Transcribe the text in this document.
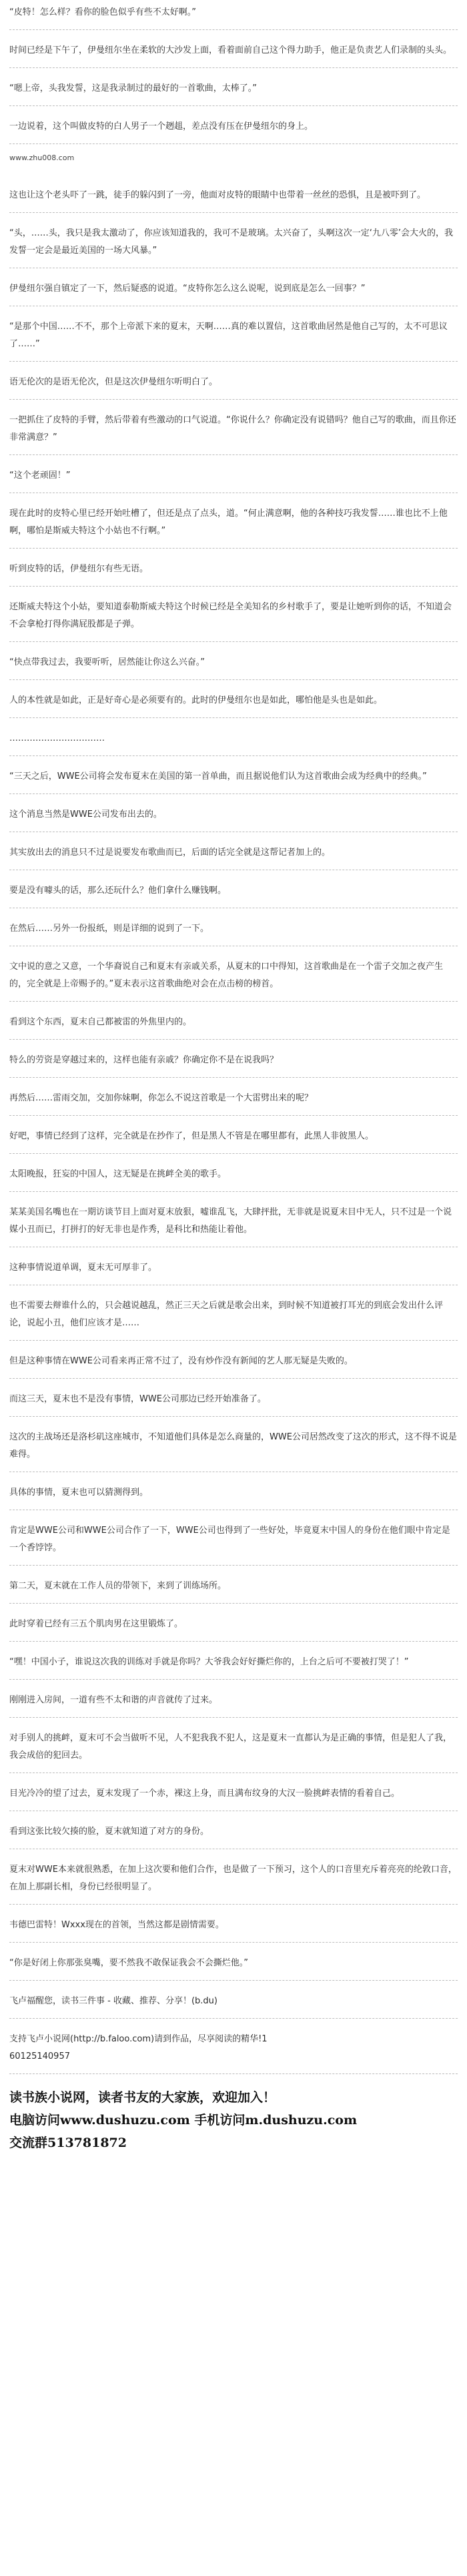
“皮特！怎么样？看你的脸色似乎有些不太好啊。”

时间已经是下午了，伊曼纽尔坐在柔软的大沙发上面，看着面前自己这个得力助手，他正是负责艺人们录制的头头。

“嗯上帝，头我发誓，这是我录制过的最好的一首歌曲，太棒了。”

一边说着，这个叫做皮特的白人男子一个趔趄，差点没有压在伊曼纽尔的身上。

www.zhu008.com

这也让这个老头吓了一跳，徒手的躲闪到了一旁，他面对皮特的眼睛中也带着一丝丝的恐惧，且是被吓到了。

“头，……头，我只是我太激动了，你应该知道我的，我可不是玻璃。太兴奋了，头啊这次一定‘九八零’会大火的，我发誓一定会是最近美国的一场大风暴。”

伊曼纽尔强自镇定了一下，然后疑惑的说道。“皮特你怎么这么说呢，说到底是怎么一回事？”

“是那个中国……不不，那个上帝派下来的夏末，天啊……真的难以置信，这首歌曲居然是他自己写的，太不可思议了……”

语无伦次的是语无伦次，但是这次伊曼纽尔听明白了。

一把抓住了皮特的手臂，然后带着有些激动的口气说道。“你说什么？你确定没有说错吗？他自己写的歌曲，而且你还非常满意？”

“这个老顽固！”

现在此时的皮特心里已经开始吐槽了，但还是点了点头，道。“何止满意啊，他的各种技巧我发誓……谁也比不上他啊，哪怕是斯威夫特这个小姑也不行啊。”

听到皮特的话，伊曼纽尔有些无语。

还斯威夫特这个小姑，要知道泰勒斯威夫特这个时候已经是全美知名的乡村歌手了，要是让她听到你的话，不知道会不会拿枪打得你满屁股都是子弹。

“快点带我过去，我要听听，居然能让你这么兴奋。”

人的本性就是如此，正是好奇心是必须要有的。此时的伊曼纽尔也是如此，哪怕他是头也是如此。

……………………………

“三天之后，WWE公司将会发布夏末在美国的第一首单曲，而且据说他们认为这首歌曲会成为经典中的经典。”

这个消息当然是WWE公司发布出去的。

其实放出去的消息只不过是说要发布歌曲而已，后面的话完全就是这帮记者加上的。

要是没有噱头的话，那么还玩什么？他们拿什么赚钱啊。

在然后……另外一份报纸，则是详细的说到了一下。

文中说的意之又意，一个华裔说自己和夏末有亲戚关系，从夏末的口中得知，这首歌曲是在一个雷子交加之夜产生的，完全就是上帝赐予的。”夏末表示这首歌曲绝对会在点击榜的榜首。

看到这个东西，夏末自己都被雷的外焦里内的。

特么的劳资是穿越过来的，这样也能有亲戚？你确定你不是在说我吗？

再然后……雷雨交加，交加你妹啊，你怎么不说这首歌是一个大雷劈出来的呢？

好吧，事情已经到了这样，完全就是在抄作了，但是黑人不管是在哪里都有，此黑人非彼黑人。

太阳晚报，狂妄的中国人，这无疑是在挑衅全美的歌手。

某某美国名嘴也在一期访谈节目上面对夏末放狠，嘘谁乱飞，大肆抨批，无非就是说夏末目中无人，只不过是一个说媒小丑而已，打拼打的好无非也是作秀，是科比和热能让着他。

这种事情说道单调，夏末无可厚非了。

也不需要去辩谁什么的，只会越说越乱，然正三天之后就是歌会出来，到时候不知道被打耳光的到底会发出什么评论，说起小丑，他们应该才是……

但是这种事情在WWE公司看来再正常不过了，没有炒作没有新闻的艺人那无疑是失败的。

而这三天，夏末也不是没有事情，WWE公司那边已经开始准备了。

这次的主战场还是洛杉矶这座城市，不知道他们具体是怎么商量的，WWE公司居然改变了这次的形式，这不得不说是难得。

具体的事情，夏末也可以猜测得到。

肯定是WWE公司和WWE公司合作了一下，WWE公司也得到了一些好处，毕竟夏末中国人的身份在他们眼中肯定是一个香饽饽。

第二天，夏末就在工作人员的带领下，来到了训练场所。

此时穿着已经有三五个肌肉男在这里锻炼了。

“嘿！中国小子，谁说这次我的训练对手就是你吗？大爷我会好好撕烂你的，上台之后可不要被打哭了！”

刚刚进入房间，一道有些不太和谐的声音就传了过来。

对手别人的挑衅，夏末可不会当做听不见，人不犯我我不犯人，这是夏末一直都认为是正确的事情，但是犯人了我，我会成倍的犯回去。

目光冷冷的望了过去，夏末发现了一个赤，裸这上身，而且满布纹身的大汉一脸挑衅表情的看着自己。

看到这张比较欠揍的脸，夏末就知道了对方的身份。

夏末对WWE本来就很熟悉，在加上这次要和他们合作，也是做了一下预习，这个人的口音里充斥着亮亮的纶敦口音，在加上那副长相，身份已经很明显了。

韦德巴雷特！Wxxx现在的首领，当然这都是剧情需要。

“你是好闭上你那张臭嘴，要不然我不敢保证我会不会撕烂他。”

飞卢福醒您，读书三件事 - 收藏、推荐、分享！(b.du)

支持飞卢小说网(http://b.faloo.com)请到作品，尽享阅读的精华!1

60125140957

读书族小说网，读者书友的大家族，欢迎加入！

电脑访问www.dushuzu.com 手机访问m.dushuzu.com

交流群513781872
